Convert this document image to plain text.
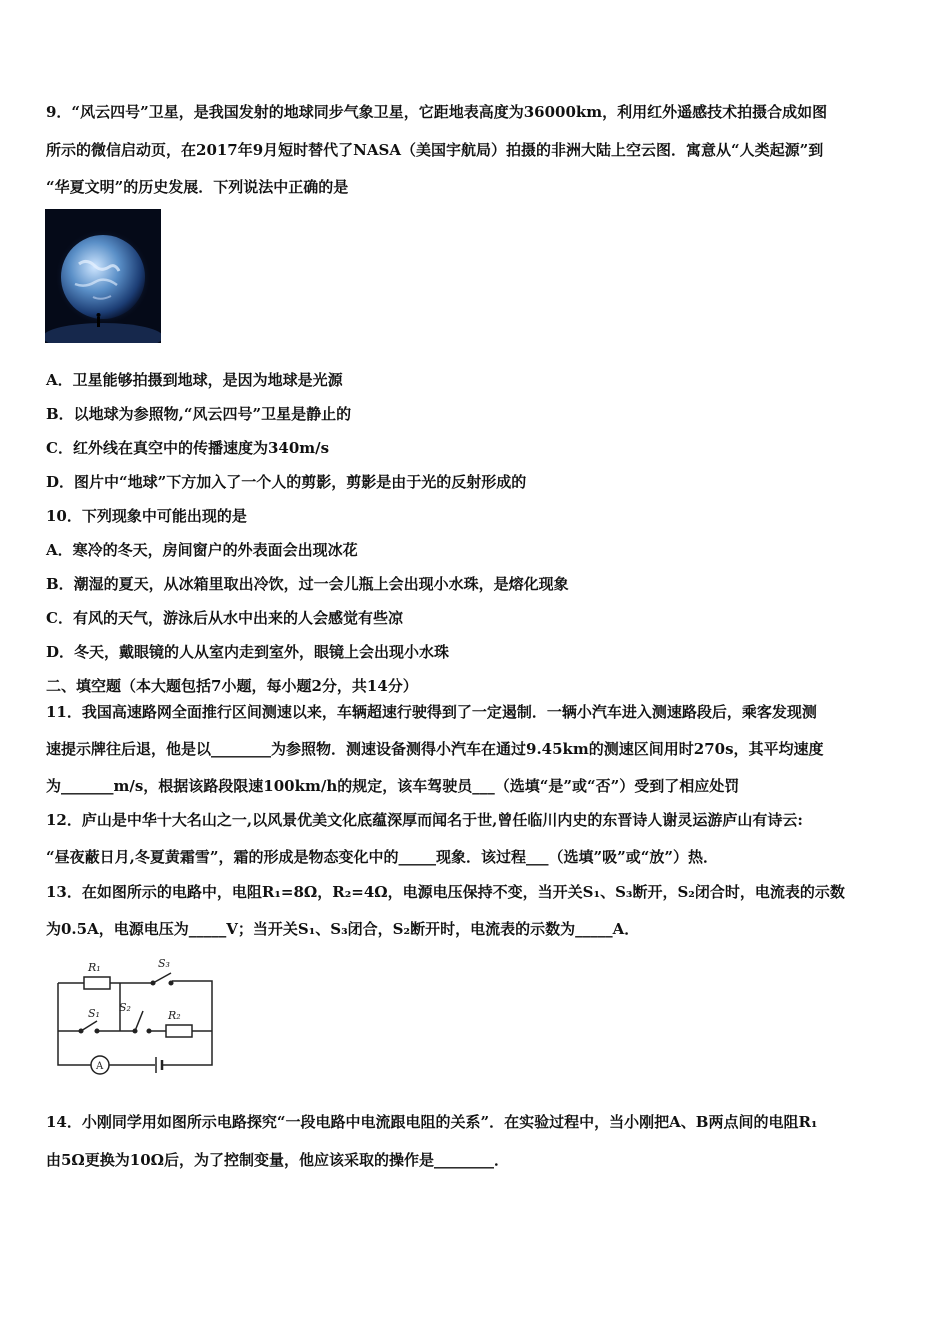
9．“风云四号”卫星，是我国发射的地球同步气象卫星，它距地表高度为36000km，利用红外遥感技术拍摄合成如图
所示的微信启动页，在2017年9月短时替代了NASA（美国宇航局）拍摄的非洲大陆上空云图．寓意从“人类起源”到
“华夏文明”的历史发展．下列说法中正确的是
A．卫星能够拍摄到地球，是因为地球是光源
B．以地球为参照物,“风云四号”卫星是静止的
C．红外线在真空中的传播速度为340m/s
D．图片中“地球”下方加入了一个人的剪影，剪影是由于光的反射形成的
10．下列现象中可能出现的是
A．寒冷的冬天，房间窗户的外表面会出现冰花
B．潮湿的夏天，从冰箱里取出冷饮，过一会儿瓶上会出现小水珠，是熔化现象
C．有风的天气，游泳后从水中出来的人会感觉有些凉
D．冬天，戴眼镜的人从室内走到室外，眼镜上会出现小水珠
二、填空题（本大题包括7小题，每小题2分，共14分）
11．我国高速路网全面推行区间测速以来，车辆超速行驶得到了一定遏制．一辆小汽车进入测速路段后，乘客发现测
速提示牌往后退，他是以________为参照物．测速设备测得小汽车在通过9.45km的测速区间用时270s，其平均速度
为_______m/s，根据该路段限速100km/h的规定，该车驾驶员___（选填“是”或“否”）受到了相应处罚
12．庐山是中华十大名山之一,以风景优美文化底蕴深厚而闻名于世,曾任临川内史的东晋诗人谢灵运游庐山有诗云:
“昼夜蔽日月,冬夏黄霜雪”，霜的形成是物态变化中的_____现象．该过程___（选填”吸”或“放”）热．
13．在如图所示的电路中，电阻R₁=8Ω，R₂=4Ω，电源电压保持不变，当开关S₁、S₃断开，S₂闭合时，电流表的示数
为0.5A，电源电压为_____V；当开关S₁、S₃闭合，S₂断开时，电流表的示数为_____A．
R₁	S₃
S₁ S₂
R₂
A
14．小刚同学用如图所示电路探究“一段电路中电流跟电阻的关系”．在实验过程中，当小刚把A、B两点间的电阻R₁
由5Ω更换为10Ω后，为了控制变量，他应该采取的操作是________．
